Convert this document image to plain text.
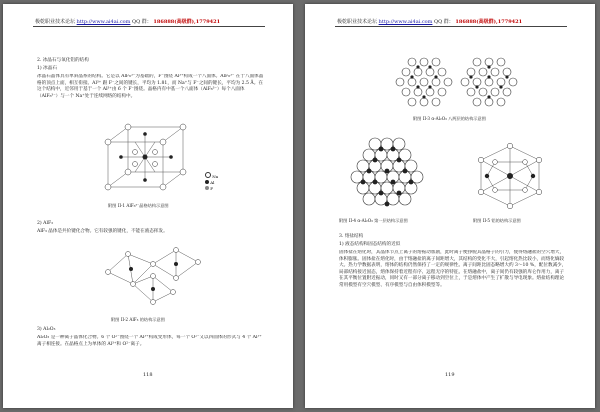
极乾职业技术论坛 http://www.ai4ai.com QQ 群： 186888(高级群),1779421
2. 冰晶石与氧化铝的结构
1) 冰晶石
冰晶石晶体具有单斜晶系的结构。它是以 AlF₆³⁻为基础的，F⁻围绕 Al³⁺构成一个八面体。AlF₆³⁻ 在于八面体晶格的顶点上面，相互衔接。Al³⁺ 跟 F⁻之间的键长，平均为 1.81，而 Na⁺与 F⁻之间的键长，平均为 2.5 Å。在这个结构中，近邻用于基于一个 Al³⁺由 6 个 F⁻围绕。晶格内有中基一个八面体（AlF₆³⁻）每个八面体（AlF₆³⁻）与一个 Na⁺处于连续网络的结构中。
Na
Al
F
附图 II-1 AlF₆³⁻晶格结构示意图
2) AlF₃
AlF₃ 晶体是共价键化合物。它有较强的键化，不能在液态挥发。
附图 II-2 AlF₃ 的结构示意图
3) Al₂O₃
Al₂O₃ 是一种离子晶体化合物。6 个 O²⁻围绕一个 Al³⁺构成变形体，每一个 O²⁻又以四面体的形式与 4 个 Al³⁺离子相连接。在晶格点上为单体的 Al³⁺和 O²⁻离子。
118
极乾职业技术论坛 http://www.ai4ai.com QQ 群： 186888(高级群),1779421
附图 II-3 α-Al₂O₃ 八两层的结构示意图
附图 II-4 α-Al₂O₃ 第一层结构示意图	附图 II-5 铝的结构示意图
3. 熔盐结构
1) 液态结构和固态结构的近似
固体盐在熔化时，其晶体节点上离子的熔振动加剧，此时离子便挣脱其晶格子的引力，使得熔融盐的空穴增大，体积膨胀。固体盐在熔化时，由于熔融盐的离子间距增大，其结构的变化不大，引起熔化热比较小，而熔化熵较大。热力学数据表明，熔体的结构仍然保持了一定的规律性。离子间距比固态略增大约 3～10 %，配位数减少，局部结构接近固态，熔体保持着近程有序、远程无序的特征。在熔融盐中，离子间仍有较强的库仑作用力，离子在其平衡位置附近振动，同时又有一部分离子移动到空位上，于是熔体中产生了扩散与导电现象。熔盐结构理论常用模型有空穴模型、有序模型与自由体积模型等。
119
